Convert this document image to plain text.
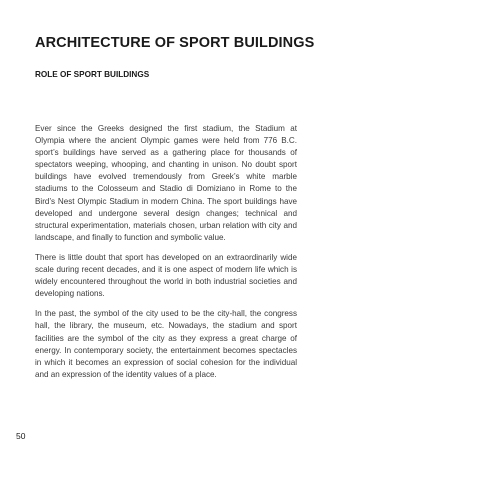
ARCHITECTURE OF SPORT BUILDINGS
ROLE OF SPORT BUILDINGS

Ever since the Greeks designed the first stadium, the Stadium at Olympia where the ancient Olympic games were held from 776 B.C. sport’s buildings have served as a gathering place for thousands of spectators weeping, whooping, and chanting in unison. No doubt sport buildings have evolved tremendously from Greek’s white marble stadiums to the Colosseum and Stadio di Domiziano in Rome to the Bird’s Nest Olympic Stadium in modern China. The sport buildings have developed and undergone several design changes; technical and structural experimentation, materials chosen, urban relation with city and landscape, and finally to function and symbolic value.

There is little doubt that sport has developed on an extraordinarily wide scale during recent decades, and it is one aspect of modern life which is widely encountered throughout the world in both industrial societies and developing nations.

In the past, the symbol of the city used to be the city-hall, the congress hall, the library, the museum, etc. Nowadays, the stadium and sport facilities are the symbol of the city as they express a great charge of energy. In contemporary society, the entertainment becomes spectacles in which it becomes an expression of social cohesion for the individual and an expression of the identity values of a place.

50
